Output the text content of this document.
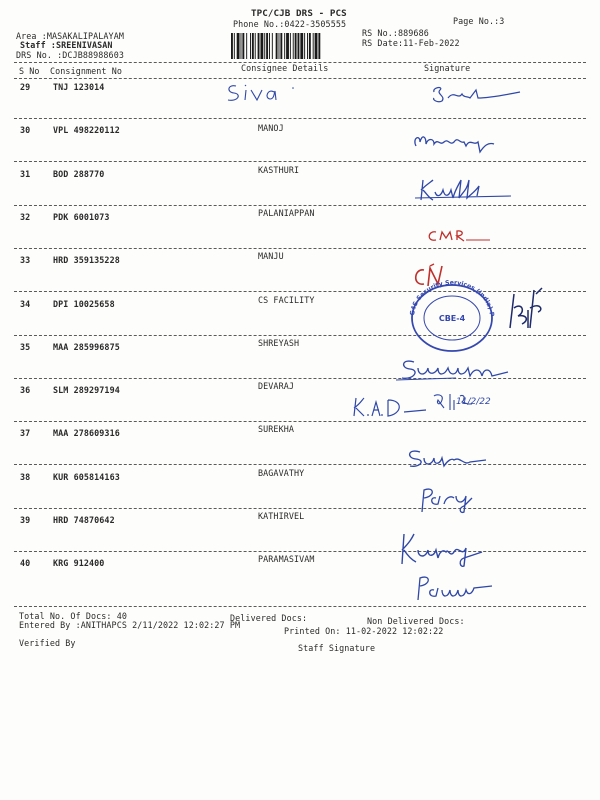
TPC/CJB DRS - PCS
Phone No.:0422-3505555	Page No.:3
Area :MASAKALIPALAYAM
Staff :SREENIVASAN
DRS No. :DCJB88988603
RS No.:889686
RS Date:11-Feb-2022
S No Consignment No	Consignee Details	Signature
29	TNJ 123014
30	VPL 498220112	MANOJ
31	BOD 288770	KASTHURI
32	PDK 6001073	PALANIAPPAN
33	HRD 359135228	MANJU
34	DPI 10025658	CS FACILITY
35	MAA 285996875	SHREYASH
36	SLM 289297194	DEVARAJ
37	MAA 278609316	SUREKHA
38	KUR 605814163	BAGAVATHY
39	HRD 74870642	KATHIRVEL
40	KRG 912400	PARAMASIVAM
G4S Security Services (India) Pvt. Ltd.
CBE-4
11/2/22
Total No. Of Docs: 40	Delivered Docs:	Non Delivered Docs:
Entered By :ANITHAPCS 2/11/2022 12:02:27 PM
Printed On: 11-02-2022 12:02:22
Verified By	Staff Signature
